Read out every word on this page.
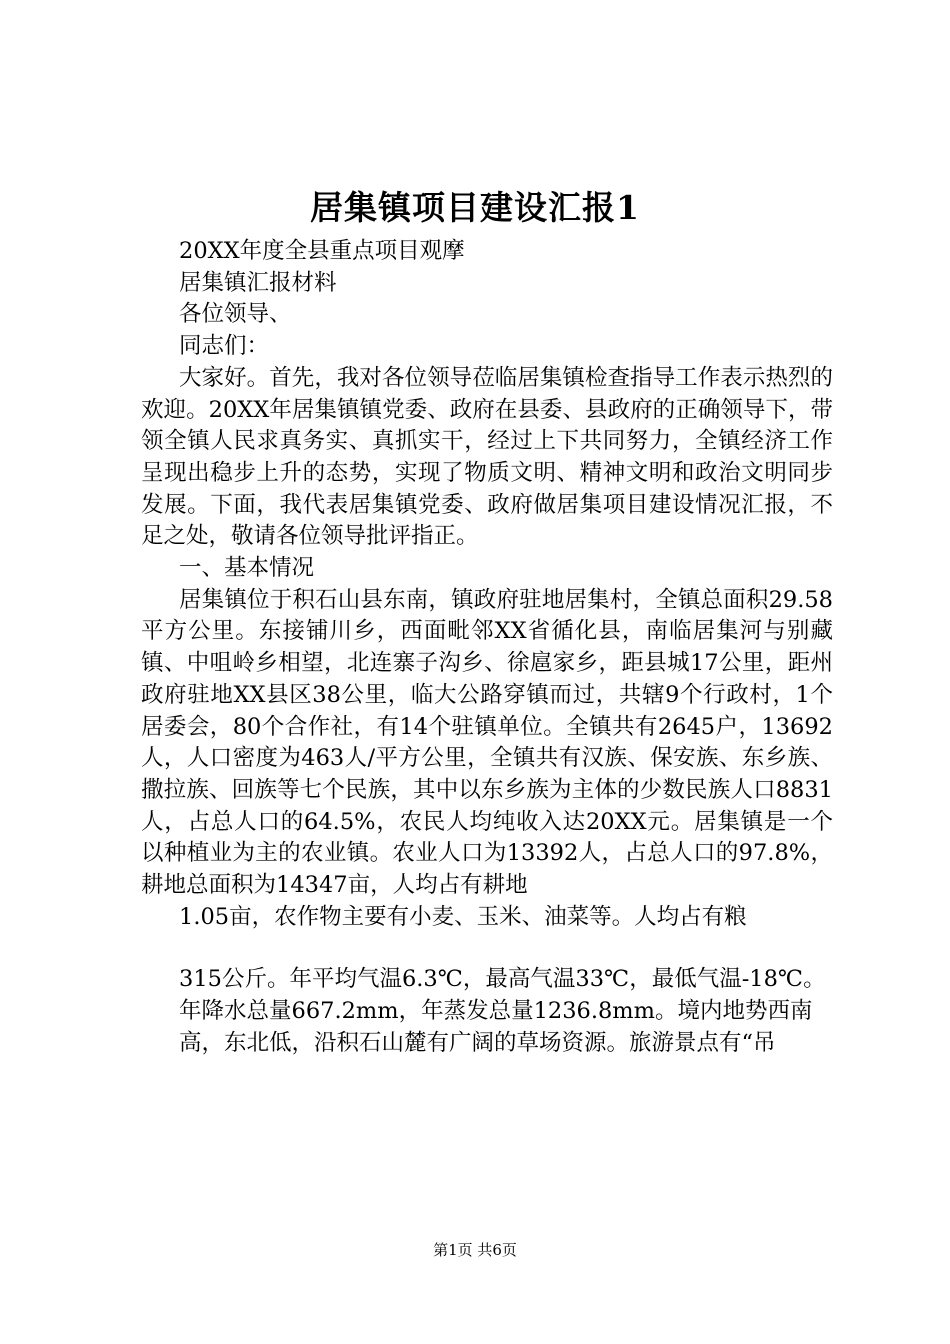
居集镇项目建设汇报1

20XX年度全县重点项目观摩

居集镇汇报材料

各位领导、

同志们：

大家好。首先，我对各位领导莅临居集镇检查指导工作表示热烈的欢迎。20XX年居集镇镇党委、政府在县委、县政府的正确领导下，带领全镇人民求真务实、真抓实干，经过上下共同努力，全镇经济工作呈现出稳步上升的态势，实现了物质文明、精神文明和政治文明同步发展。下面，我代表居集镇党委、政府做居集项目建设情况汇报，不足之处，敬请各位领导批评指正。

一、基本情况

居集镇位于积石山县东南，镇政府驻地居集村，全镇总面积29.58平方公里。东接铺川乡，西面毗邻XX省循化县，南临居集河与别藏镇、中咀岭乡相望，北连寨子沟乡、徐扈家乡，距县城17公里，距州政府驻地XX县区38公里，临大公路穿镇而过，共辖9个行政村，1个居委会，80个合作社，有14个驻镇单位。全镇共有2645户，13692人，人口密度为463人/平方公里，全镇共有汉族、保安族、东乡族、撒拉族、回族等七个民族，其中以东乡族为主体的少数民族人口8831人，占总人口的64.5%，农民人均纯收入达20XX元。居集镇是一个以种植业为主的农业镇。农业人口为13392人，占总人口的97.8%，耕地总面积为14347亩，人均占有耕地

1.05亩，农作物主要有小麦、玉米、油菜等。人均占有粮

315公斤。年平均气温6.3℃，最高气温33℃，最低气温-18℃。

年降水总量667.2mm，年蒸发总量1236.8mm。境内地势西南

高，东北低，沿积石山麓有广阔的草场资源。旅游景点有“吊

第1页 共6页
